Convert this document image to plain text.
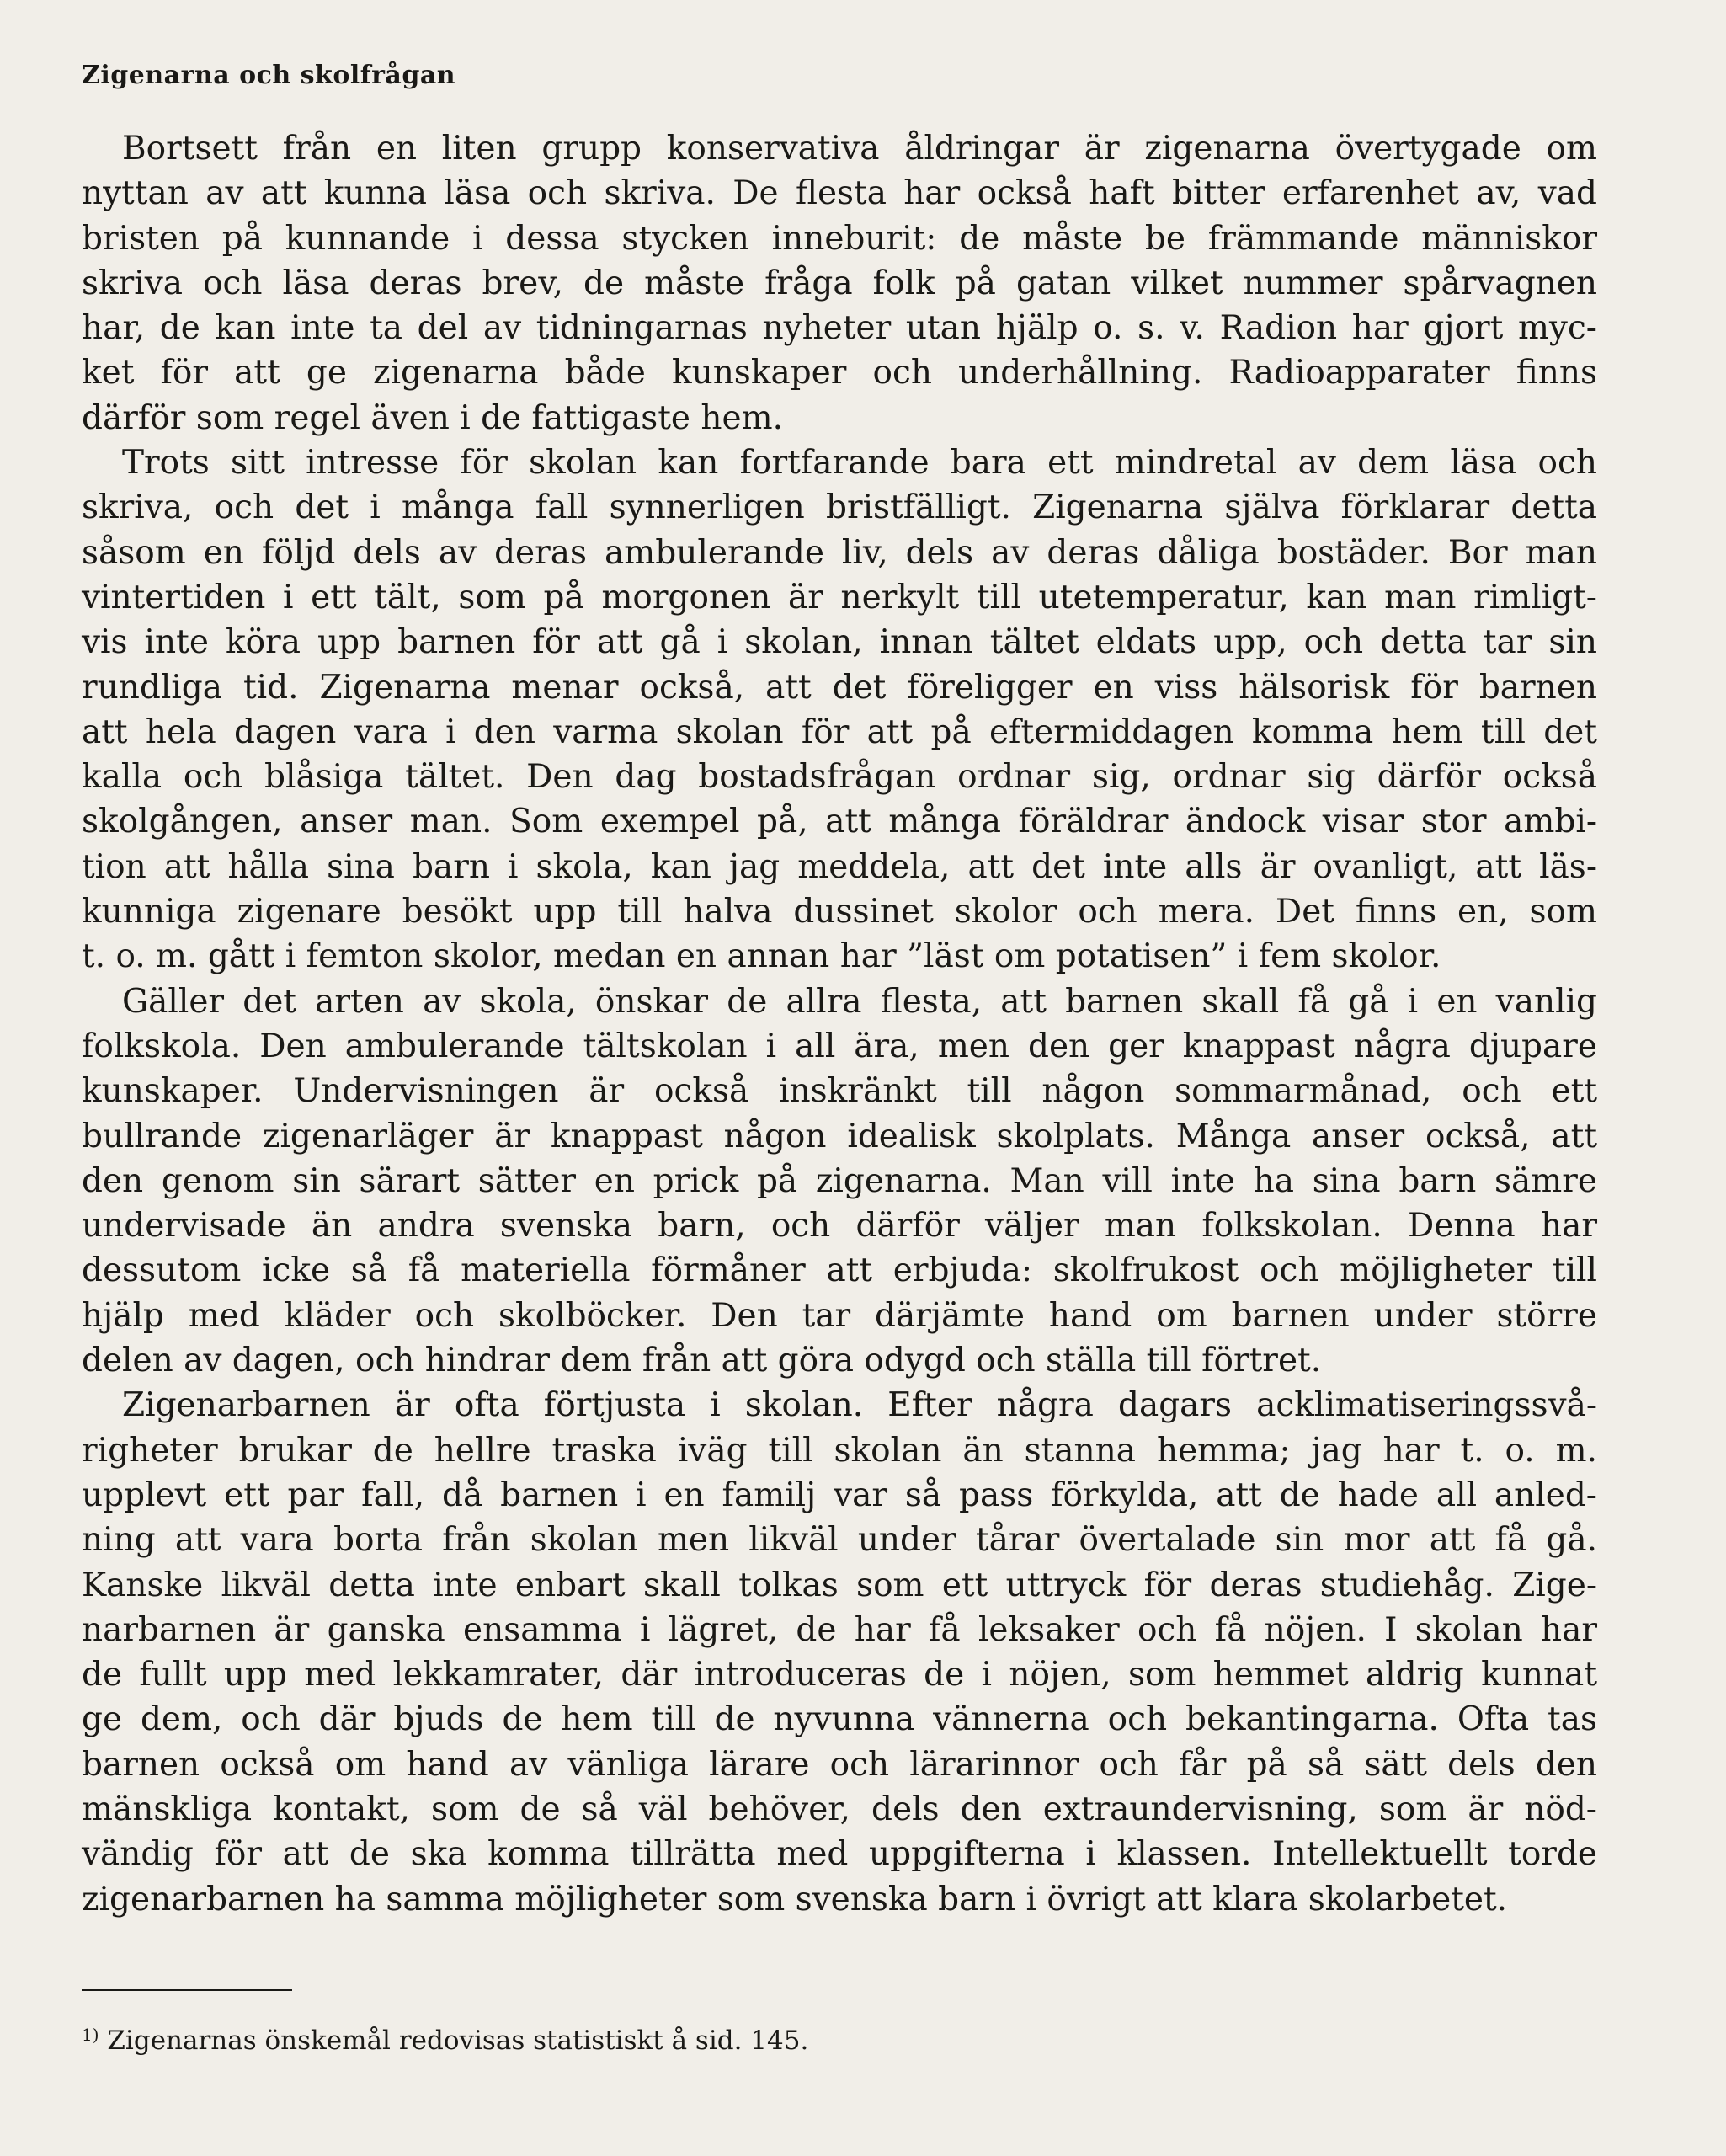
Zigenarna och skolfrågan
Bortsett från en liten grupp konservativa åldringar är zigenarna övertygade om
nyttan av att kunna läsa och skriva. De flesta har också haft bitter erfarenhet av, vad
bristen på kunnande i dessa stycken inneburit: de måste be främmande människor
skriva och läsa deras brev, de måste fråga folk på gatan vilket nummer spårvagnen
har, de kan inte ta del av tidningarnas nyheter utan hjälp o. s. v. Radion har gjort myc-
ket för att ge zigenarna både kunskaper och underhållning. Radioapparater finns
därför som regel även i de fattigaste hem.
Trots sitt intresse för skolan kan fortfarande bara ett mindretal av dem läsa och
skriva, och det i många fall synnerligen bristfälligt. Zigenarna själva förklarar detta
såsom en följd dels av deras ambulerande liv, dels av deras dåliga bostäder. Bor man
vintertiden i ett tält, som på morgonen är nerkylt till utetemperatur, kan man rimligt-
vis inte köra upp barnen för att gå i skolan, innan tältet eldats upp, och detta tar sin
rundliga tid. Zigenarna menar också, att det föreligger en viss hälsorisk för barnen
att hela dagen vara i den varma skolan för att på eftermiddagen komma hem till det
kalla och blåsiga tältet. Den dag bostadsfrågan ordnar sig, ordnar sig därför också
skolgången, anser man. Som exempel på, att många föräldrar ändock visar stor ambi-
tion att hålla sina barn i skola, kan jag meddela, att det inte alls är ovanligt, att läs-
kunniga zigenare besökt upp till halva dussinet skolor och mera. Det finns en, som
t. o. m. gått i femton skolor, medan en annan har ”läst om potatisen” i fem skolor.
Gäller det arten av skola, önskar de allra flesta, att barnen skall få gå i en vanlig
folkskola. Den ambulerande tältskolan i all ära, men den ger knappast några djupare
kunskaper. Undervisningen är också inskränkt till någon sommarmånad, och ett
bullrande zigenarläger är knappast någon idealisk skolplats. Många anser också, att
den genom sin särart sätter en prick på zigenarna. Man vill inte ha sina barn sämre
undervisade än andra svenska barn, och därför väljer man folkskolan. Denna har
dessutom icke så få materiella förmåner att erbjuda: skolfrukost och möjligheter till
hjälp med kläder och skolböcker. Den tar därjämte hand om barnen under större
delen av dagen, och hindrar dem från att göra odygd och ställa till förtret.
Zigenarbarnen är ofta förtjusta i skolan. Efter några dagars acklimatiseringssvå-
righeter brukar de hellre traska iväg till skolan än stanna hemma; jag har t. o. m.
upplevt ett par fall, då barnen i en familj var så pass förkylda, att de hade all anled-
ning att vara borta från skolan men likväl under tårar övertalade sin mor att få gå.
Kanske likväl detta inte enbart skall tolkas som ett uttryck för deras studiehåg. Zige-
narbarnen är ganska ensamma i lägret, de har få leksaker och få nöjen. I skolan har
de fullt upp med lekkamrater, där introduceras de i nöjen, som hemmet aldrig kunnat
ge dem, och där bjuds de hem till de nyvunna vännerna och bekantingarna. Ofta tas
barnen också om hand av vänliga lärare och lärarinnor och får på så sätt dels den
mänskliga kontakt, som de så väl behöver, dels den extraundervisning, som är nöd-
vändig för att de ska komma tillrätta med uppgifterna i klassen. Intellektuellt torde
zigenarbarnen ha samma möjligheter som svenska barn i övrigt att klara skolarbetet.
$^{1)}$ Zigenarnas önskemål redovisas statistiskt å sid. 145.
